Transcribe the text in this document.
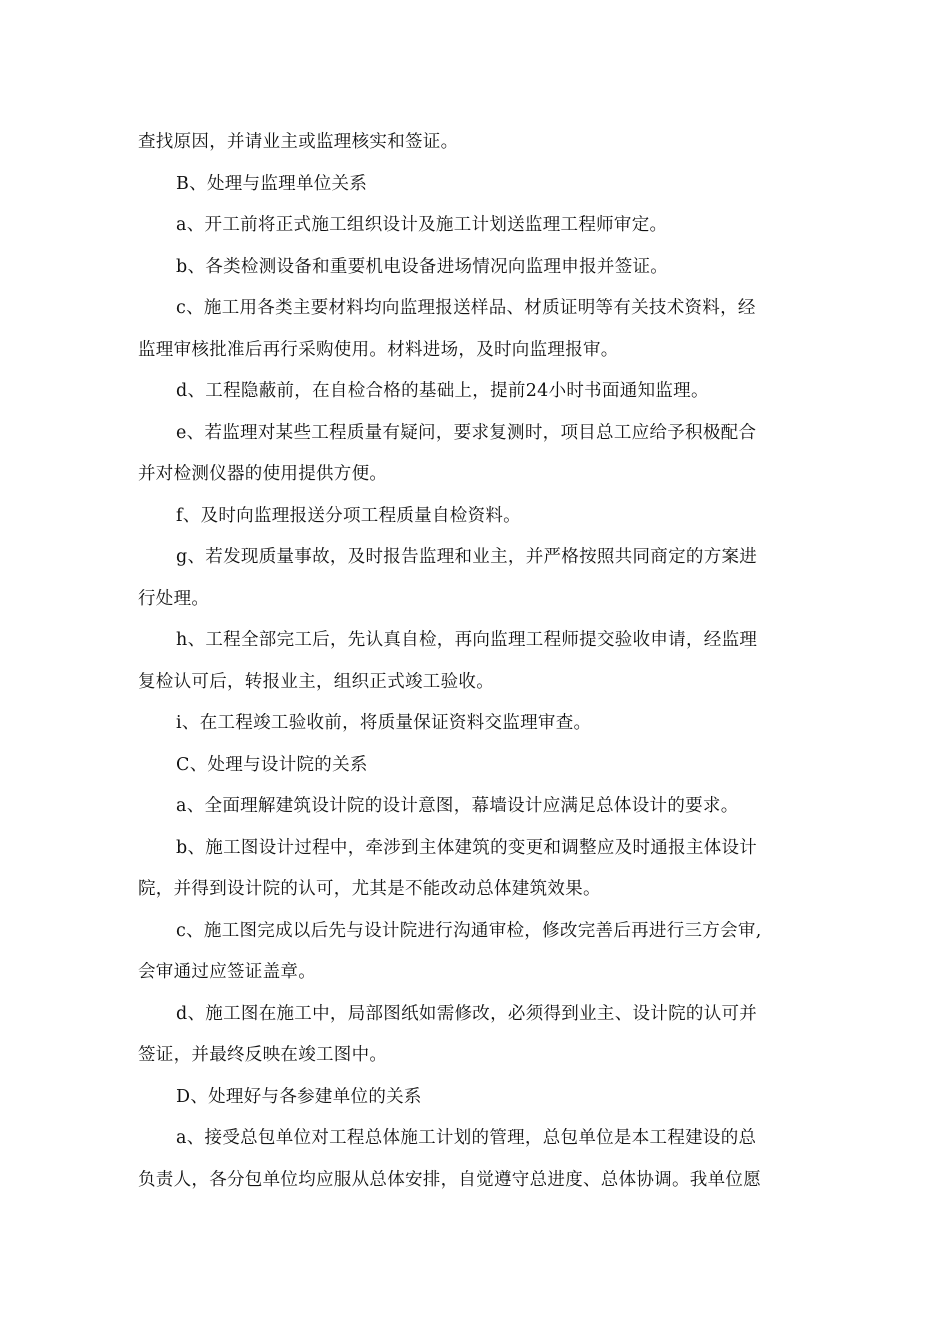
查找原因，并请业主或监理核实和签证。
B、处理与监理单位关系
a、开工前将正式施工组织设计及施工计划送监理工程师审定。
b、各类检测设备和重要机电设备进场情况向监理申报并签证。
c、施工用各类主要材料均向监理报送样品、材质证明等有关技术资料，经
监理审核批准后再行采购使用。材料进场，及时向监理报审。
d、工程隐蔽前，在自检合格的基础上，提前24小时书面通知监理。
e、若监理对某些工程质量有疑问，要求复测时，项目总工应给予积极配合
并对检测仪器的使用提供方便。
f、及时向监理报送分项工程质量自检资料。
g、若发现质量事故，及时报告监理和业主，并严格按照共同商定的方案进
行处理。
h、工程全部完工后，先认真自检，再向监理工程师提交验收申请，经监理
复检认可后，转报业主，组织正式竣工验收。
i、在工程竣工验收前，将质量保证资料交监理审查。
C、处理与设计院的关系
a、全面理解建筑设计院的设计意图，幕墙设计应满足总体设计的要求。
b、施工图设计过程中，牵涉到主体建筑的变更和调整应及时通报主体设计
院，并得到设计院的认可，尤其是不能改动总体建筑效果。
c、施工图完成以后先与设计院进行沟通审检，修改完善后再进行三方会审,
会审通过应签证盖章。
d、施工图在施工中，局部图纸如需修改，必须得到业主、设计院的认可并
签证，并最终反映在竣工图中。
D、处理好与各参建单位的关系
a、接受总包单位对工程总体施工计划的管理，总包单位是本工程建设的总
负责人，各分包单位均应服从总体安排，自觉遵守总进度、总体协调。我单位愿
